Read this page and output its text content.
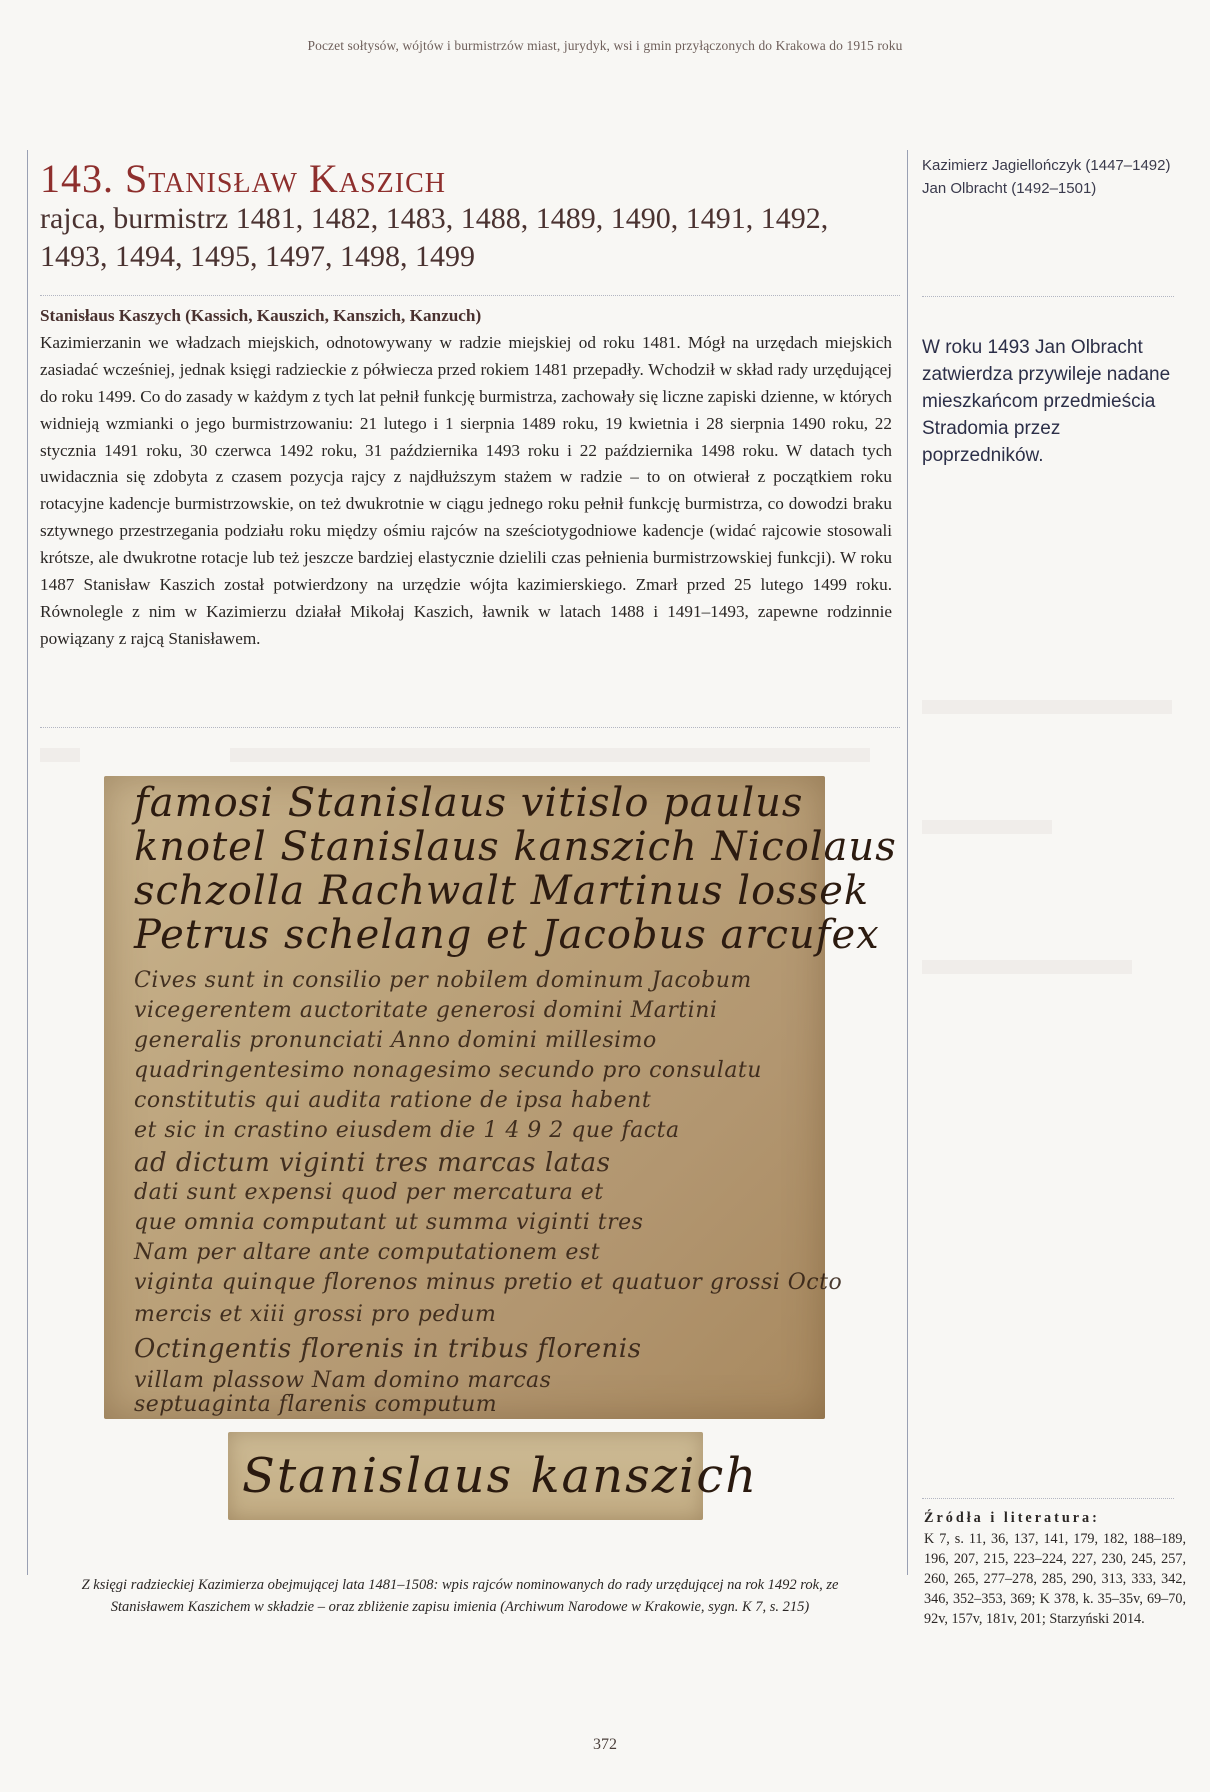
Poczet sołtysów, wójtów i burmistrzów miast, jurydyk, wsi i gmin przyłączonych do Krakowa do 1915 roku
143. Stanisław Kaszich
rajca, burmistrz 1481, 1482, 1483, 1488, 1489, 1490, 1491, 1492, 1493, 1494, 1495, 1497, 1498, 1499

Stanisłaus Kaszych (Kassich, Kauszich, Kanszich, Kanzuch)

Kazimierzanin we władzach miejskich, odnotowywany w radzie miejskiej od roku 1481. Mógł na urzędach miejskich zasiadać wcześniej, jednak księgi radzieckie z półwiecza przed rokiem 1481 przepadły. Wchodził w skład rady urzędującej do roku 1499. Co do zasady w każdym z tych lat pełnił funkcję burmistrza, zachowały się liczne zapiski dzienne, w których widnieją wzmianki o jego burmistrzowaniu: 21 lutego i 1 sierpnia 1489 roku, 19 kwietnia i 28 sierpnia 1490 roku, 22 stycznia 1491 roku, 30 czerwca 1492 roku, 31 października 1493 roku i 22 października 1498 roku. W datach tych uwidacznia się zdobyta z czasem pozycja rajcy z najdłuższym stażem w radzie – to on otwierał z początkiem roku rotacyjne kadencje burmistrzowskie, on też dwukrotnie w ciągu jednego roku pełnił funkcję burmistrza, co dowodzi braku sztywnego przestrzegania podziału roku między ośmiu rajców na sześciotygodniowe kadencje (widać rajcowie stosowali krótsze, ale dwukrotne rotacje lub też jeszcze bardziej elastycznie dzielili czas pełnienia burmistrzowskiej funkcji). W roku 1487 Stanisław Kaszich został potwierdzony na urzędzie wójta kazimierskiego. Zmarł przed 25 lutego 1499 roku. Równolegle z nim w Kazimierzu działał Mikołaj Kaszich, ławnik w latach 1488 i 1491–1493, zapewne rodzinnie powiązany z rajcą Stanisławem.

famosi Stanislaus vitislo paulus
knotel Stanislaus kanszich Nicolaus
schzolla Rachwalt Martinus lossek
Petrus schelang et Jacobus arcufex
Cives sunt in consilio per nobilem dominum Jacobum
vicegerentem auctoritate generosi domini Martini
generalis pronunciati Anno domini millesimo
quadringentesimo nonagesimo secundo pro consulatu
constitutis qui audita ratione de ipsa habent
et sic in crastino eiusdem die 1 4 9 2 que facta
ad dictum viginti tres marcas latas
dati sunt expensi quod per mercatura et
que omnia computant ut summa viginti tres
Nam per altare ante computationem est
viginta quinque florenos minus pretio et quatuor grossi Octo
mercis et xiii grossi pro pedum
Octingentis florenis in tribus florenis
villam plassow Nam domino marcas
septuaginta flarenis computum
Stanislaus kanszich
Z księgi radzieckiej Kazimierza obejmującej lata 1481–1508: wpis rajców nominowanych do rady urzędującej na rok 1492 rok, ze Stanisławem Kaszichem w składzie – oraz zbliżenie zapisu imienia (Archiwum Narodowe w Krakowie, sygn. K 7, s. 215)
Kazimierz Jagiellończyk (1447–1492)
Jan Olbracht (1492–1501)
W roku 1493 Jan Olbracht zatwierdza przywileje nadane mieszkańcom przedmieścia Stradomia przez poprzedników.
Źródła i literatura:
K 7, s. 11, 36, 137, 141, 179, 182, 188–189, 196, 207, 215, 223–224, 227, 230, 245, 257, 260, 265, 277–278, 285, 290, 313, 333, 342, 346, 352–353, 369; K 378, k. 35–35v, 69–70, 92v, 157v, 181v, 201; Starzyński 2014.
372
